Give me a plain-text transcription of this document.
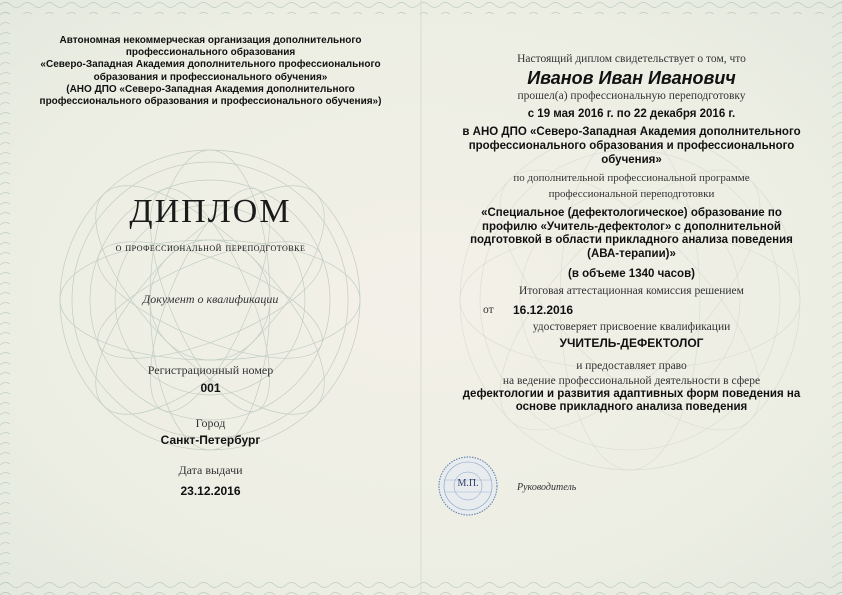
Автономная некоммерческая организация дополнительного
профессионального образования
«Северо-Западная Академия дополнительного профессионального
образования и профессионального обучения»
(АНО ДПО «Северо-Западная Академия дополнительного
профессионального образования и профессионального обучения»)
ДИПЛОМ
о профессиональной переподготовке
Документ о квалификации
Регистрационный номер
001
Город
Санкт-Петербург
Дата выдачи
23.12.2016
Настоящий диплом свидетельствует о том, что
Иванов Иван Иванович
прошел(а) профессиональную переподготовку
с 19 мая 2016 г. по 22 декабря 2016 г.
в АНО ДПО «Северо-Западная Академия дополнительного
профессионального образования и профессионального
обучения»
по дополнительной профессиональной программе
профессиональной переподготовки
«Специальное (дефектологическое) образование по
профилю «Учитель-дефектолог» с дополнительной
подготовкой в области прикладного анализа поведения
(АВА-терапии)»
(в объеме 1340 часов)
Итоговая аттестационная комиссия решением
от 16.12.2016
удостоверяет присвоение квалификации
УЧИТЕЛЬ-ДЕФЕКТОЛОГ
и предоставляет право
на ведение профессиональной деятельности в сфере
дефектологии и развития адаптивных форм поведения на
основе прикладного анализа поведения
М.П.	Руководитель
